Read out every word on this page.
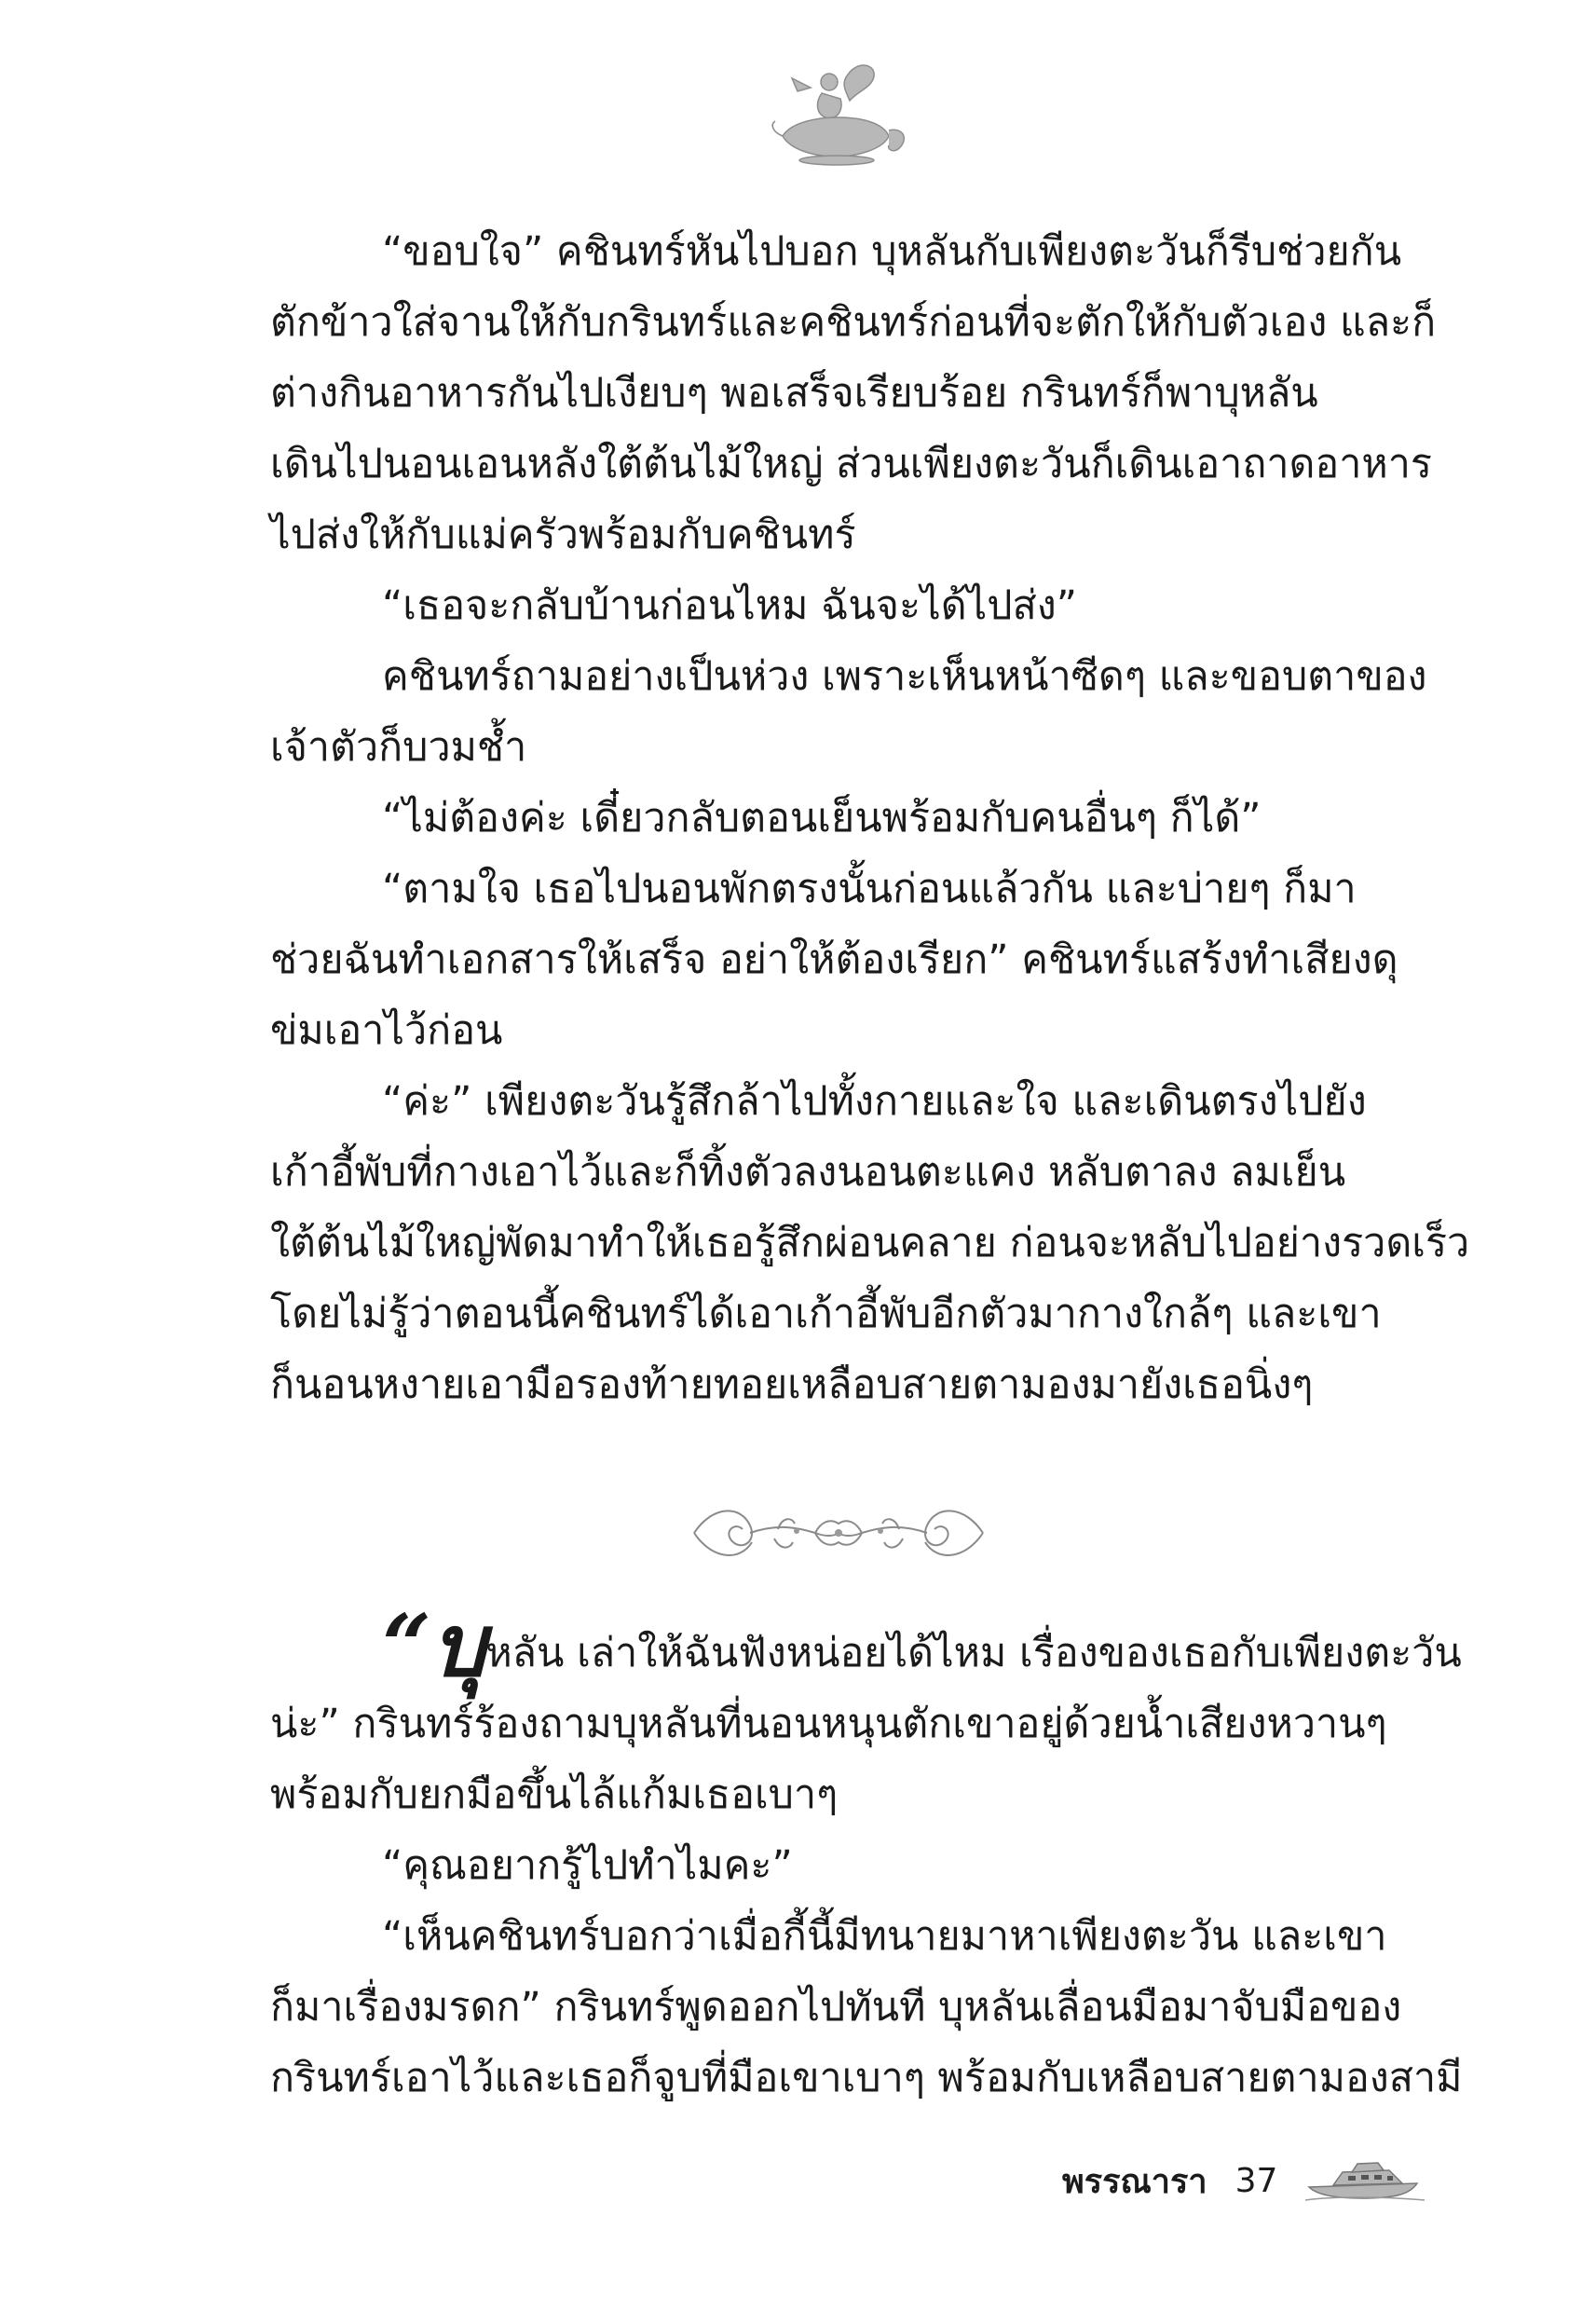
“ขอบใจ” คชินทร์หันไปบอก บุหลันกับเพียงตะวันก็รีบช่วยกัน
ตักข้าวใส่จานให้กับกรินทร์และคชินทร์ก่อนที่จะตักให้กับตัวเอง และก็
ต่างกินอาหารกันไปเงียบๆ พอเสร็จเรียบร้อย กรินทร์ก็พาบุหลัน
เดินไปนอนเอนหลังใต้ต้นไม้ใหญ่ ส่วนเพียงตะวันก็เดินเอาถาดอาหาร
ไปส่งให้กับแม่ครัวพร้อมกับคชินทร์

“เธอจะกลับบ้านก่อนไหม ฉันจะได้ไปส่ง”

คชินทร์ถามอย่างเป็นห่วง เพราะเห็นหน้าซีดๆ และขอบตาของ
เจ้าตัวก็บวมช้ำ

“ไม่ต้องค่ะ เดี๋ยวกลับตอนเย็นพร้อมกับคนอื่นๆ ก็ได้”

“ตามใจ เธอไปนอนพักตรงนั้นก่อนแล้วกัน และบ่ายๆ ก็มา
ช่วยฉันทำเอกสารให้เสร็จ อย่าให้ต้องเรียก” คชินทร์แสร้งทำเสียงดุ
ข่มเอาไว้ก่อน

“ค่ะ” เพียงตะวันรู้สึกล้าไปทั้งกายและใจ และเดินตรงไปยัง
เก้าอี้พับที่กางเอาไว้และก็ทิ้งตัวลงนอนตะแคง หลับตาลง ลมเย็น
ใต้ต้นไม้ใหญ่พัดมาทำให้เธอรู้สึกผ่อนคลาย ก่อนจะหลับไปอย่างรวดเร็ว
โดยไม่รู้ว่าตอนนี้คชินทร์ได้เอาเก้าอี้พับอีกตัวมากางใกล้ๆ และเขา
ก็นอนหงายเอามือรองท้ายทอยเหลือบสายตามองมายังเธอนิ่งๆ

“บุหลัน เล่าให้ฉันฟังหน่อยได้ไหม เรื่องของเธอกับเพียงตะวัน
น่ะ” กรินทร์ร้องถามบุหลันที่นอนหนุนตักเขาอยู่ด้วยน้ำเสียงหวานๆ
พร้อมกับยกมือขึ้นไล้แก้มเธอเบาๆ

“คุณอยากรู้ไปทำไมคะ”

“เห็นคชินทร์บอกว่าเมื่อกี้นี้มีทนายมาหาเพียงตะวัน และเขา
ก็มาเรื่องมรดก” กรินทร์พูดออกไปทันที บุหลันเลื่อนมือมาจับมือของ
กรินทร์เอาไว้และเธอก็จูบที่มือเขาเบาๆ พร้อมกับเหลือบสายตามองสามี

พรรณารา 37
